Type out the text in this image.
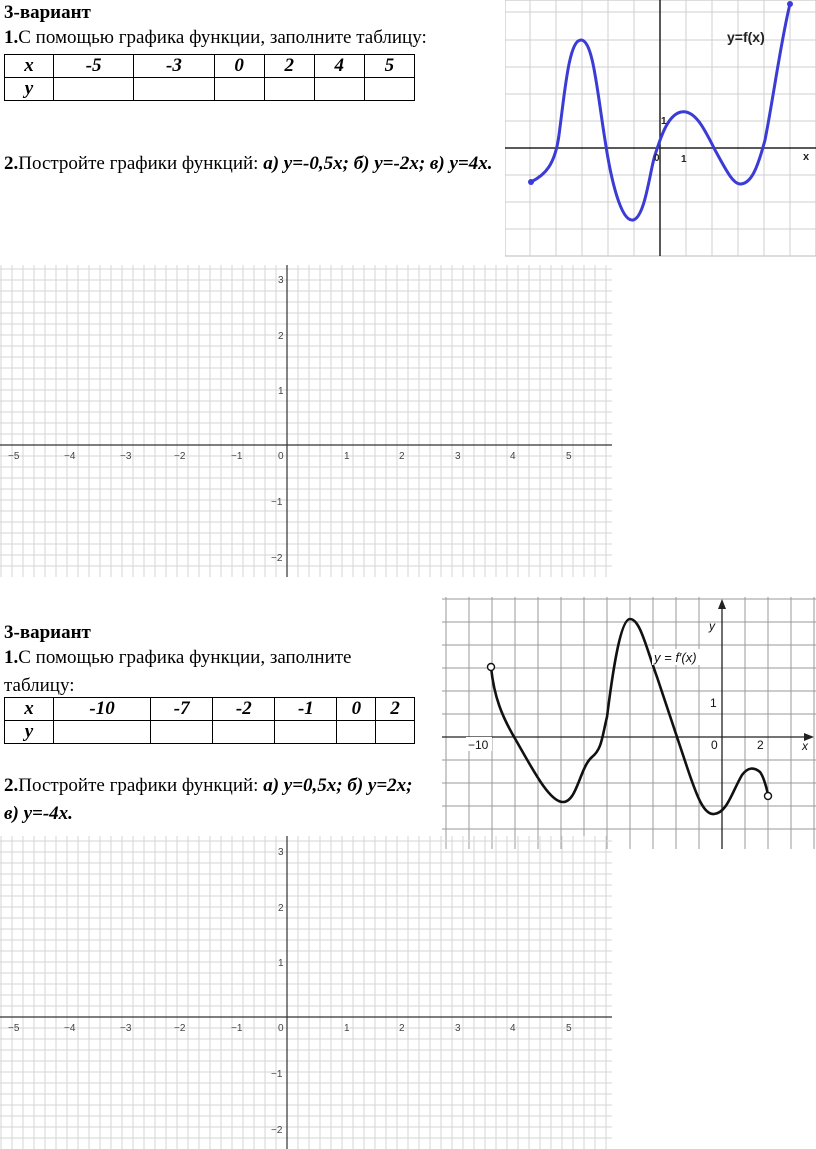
3-вариант
1.С помощью графика функции, заполните таблицу:
x	-5	-3	0	2	4	5
y						
2.Постройте графики функций: а) y=-0,5x; б) y=-2x; в) y=4x.
y=f(x)
x
0 1
1
−5	−4	−3	−2	−1	0	1	2	3	4	5
3
2
1
−1
−2
3-вариант
1.С помощью графика функции, заполните таблицу:
x	-10	-7	-2	-1	0	2
y						
2.Постройте графики функций: а) y=0,5x; б) y=2x; в) y=-4x.
y = f′(x)
y
x
0
1
2
−10
−5	−4	−3	−2	−1	0	1	2	3	4	5
3
2
1
−1
−2
